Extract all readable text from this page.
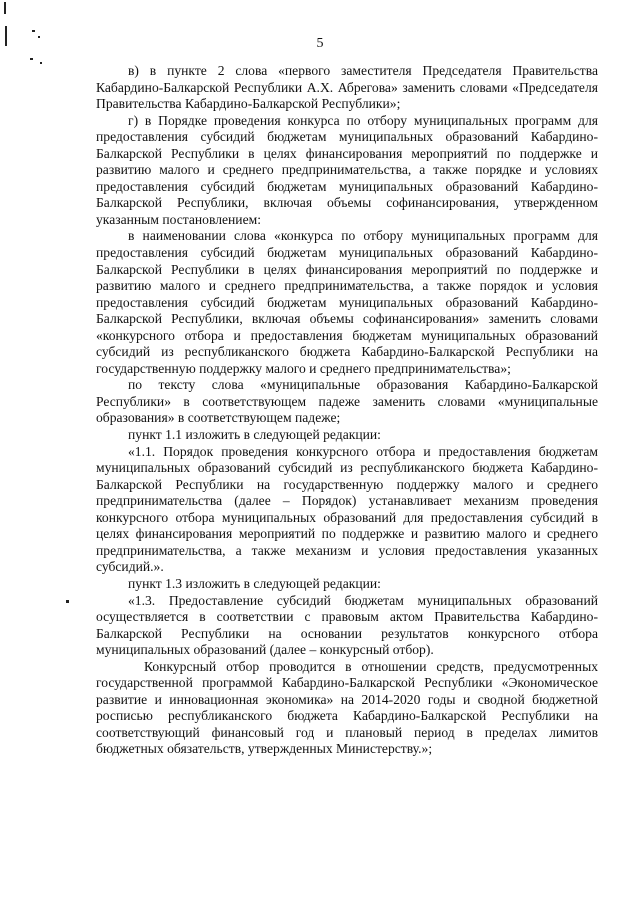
5

в) в пункте 2 слова «первого заместителя Председателя Правительства Кабардино-Балкарской Республики А.Х. Абрегова» заменить словами «Председателя Правительства Кабардино-Балкарской Республики»;

г) в Порядке проведения конкурса по отбору муниципальных программ для предоставления субсидий бюджетам муниципальных образований Кабардино-Балкарской Республики в целях финансирования мероприятий по поддержке и развитию малого и среднего предпринимательства, а также порядке и условиях предоставления субсидий бюджетам муниципальных образований Кабардино-Балкарской Республики, включая объемы софинансирования, утвержденном указанным постановлением:

в наименовании слова «конкурса по отбору муниципальных программ для предоставления субсидий бюджетам муниципальных образований Кабардино-Балкарской Республики в целях финансирования мероприятий по поддержке и развитию малого и среднего предпринимательства, а также порядок и условия предоставления субсидий бюджетам муниципальных образований Кабардино-Балкарской Республики, включая объемы софинансирования» заменить словами «конкурсного отбора и предоставления бюджетам муниципальных образований субсидий из республиканского бюджета Кабардино-Балкарской Республики на государственную поддержку малого и среднего предпринимательства»;

по тексту слова «муниципальные образования Кабардино-Балкарской Республики» в соответствующем падеже заменить словами «муниципальные образования» в соответствующем падеже;

пункт 1.1 изложить в следующей редакции:

«1.1. Порядок проведения конкурсного отбора и предоставления бюджетам муниципальных образований субсидий из республиканского бюджета Кабардино-Балкарской Республики на государственную поддержку малого и среднего предпринимательства (далее – Порядок) устанавливает механизм проведения конкурсного отбора муниципальных образований для предоставления субсидий в целях финансирования мероприятий по поддержке и развитию малого и среднего предпринимательства, а также механизм и условия предоставления указанных субсидий.».

пункт 1.3 изложить в следующей редакции:

«1.3. Предоставление субсидий бюджетам муниципальных образований осуществляется в соответствии с правовым актом Правительства Кабардино-Балкарской Республики на основании результатов конкурсного отбора муниципальных образований (далее – конкурсный отбор).

Конкурсный отбор проводится в отношении средств, предусмотренных государственной программой Кабардино-Балкарской Республики «Экономическое развитие и инновационная экономика» на 2014-2020 годы и сводной бюджетной росписью республиканского бюджета Кабардино-Балкарской Республики на соответствующий финансовый год и плановый период в пределах лимитов бюджетных обязательств, утвержденных Министерству.»;
